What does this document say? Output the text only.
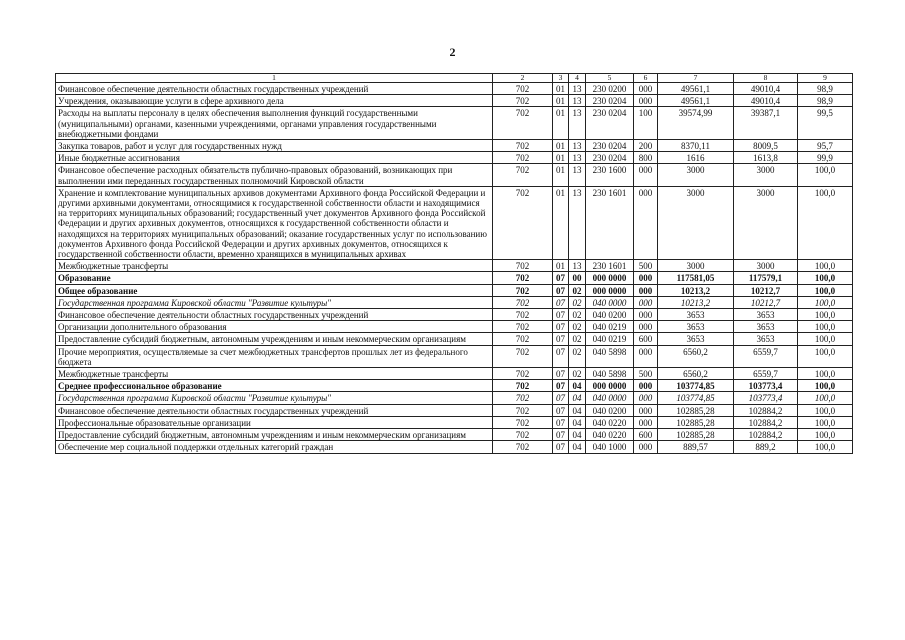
2
1	2	3	4	5	6	7	8	9
Финансовое обеспечение деятельности областных государственных учреждений	702	01	13	230 0200	000	49561,1	49010,4	98,9
Учреждения, оказывающие услуги в сфере архивного дела	702	01	13	230 0204	000	49561,1	49010,4	98,9
Расходы на выплаты персоналу в целях обеспечения выполнения функций государственными (муниципальными) органами, казенными учреждениями, органами управления государственными внебюджетными фондами	702	01	13	230 0204	100	39574,99	39387,1	99,5
Закупка товаров, работ и услуг для государственных нужд	702	01	13	230 0204	200	8370,11	8009,5	95,7
Иные бюджетные ассигнования	702	01	13	230 0204	800	1616	1613,8	99,9
Финансовое обеспечение расходных обязательств публично-правовых образований, возникающих при выполнении ими переданных государственных полномочий Кировской области	702	01	13	230 1600	000	3000	3000	100,0
Хранение и комплектование муниципальных архивов документами Архивного фонда Российской Федерации и другими архивными документами, относящимися к государственной собственности области и находящимися на территориях муниципальных образований; государственный учет документов Архивного фонда Российской Федерации и других архивных документов, относящихся к государственной собственности области и находящихся на территориях муниципальных образований; оказание государственных услуг по использованию документов Архивного фонда Российской Федерации и других архивных документов, относящихся к государственной собственности области, временно хранящихся в муниципальных архивах	702	01	13	230 1601	000	3000	3000	100,0
Межбюджетные трансферты	702	01	13	230 1601	500	3000	3000	100,0
Образование	702	07	00	000 0000	000	117581,05	117579,1	100,0
Общее образование	702	07	02	000 0000	000	10213,2	10212,7	100,0
Государственная программа Кировской области "Развитие культуры"	702	07	02	040 0000	000	10213,2	10212,7	100,0
Финансовое обеспечение деятельности областных государственных учреждений	702	07	02	040 0200	000	3653	3653	100,0
Организации дополнительного образования	702	07	02	040 0219	000	3653	3653	100,0
Предоставление субсидий бюджетным, автономным учреждениям и иным некоммерческим организациям	702	07	02	040 0219	600	3653	3653	100,0
Прочие мероприятия, осуществляемые за счет межбюджетных трансфертов прошлых лет из федерального бюджета	702	07	02	040 5898	000	6560,2	6559,7	100,0
Межбюджетные трансферты	702	07	02	040 5898	500	6560,2	6559,7	100,0
Среднее профессиональное образование	702	07	04	000 0000	000	103774,85	103773,4	100,0
Государственная программа Кировской области "Развитие культуры"	702	07	04	040 0000	000	103774,85	103773,4	100,0
Финансовое обеспечение деятельности областных государственных учреждений	702	07	04	040 0200	000	102885,28	102884,2	100,0
Профессиональные образовательные организации	702	07	04	040 0220	000	102885,28	102884,2	100,0
Предоставление субсидий бюджетным, автономным учреждениям и иным некоммерческим организациям	702	07	04	040 0220	600	102885,28	102884,2	100,0
Обеспечение мер социальной поддержки отдельных категорий граждан	702	07	04	040 1000	000	889,57	889,2	100,0
